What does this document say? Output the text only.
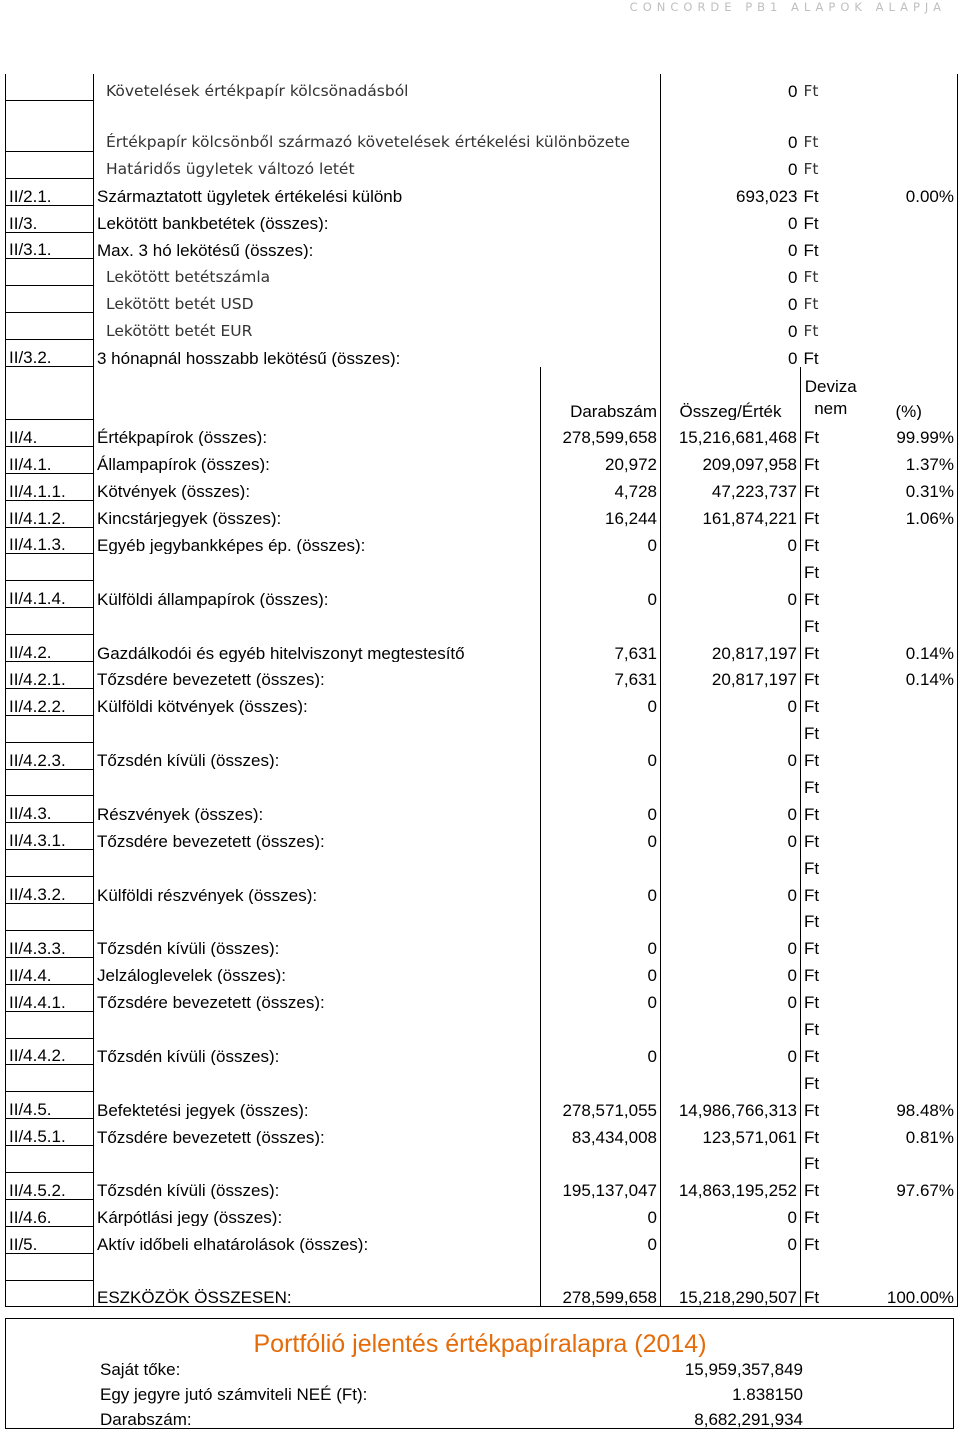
CONCORDE PB1 ALAPOK ALAPJA
	Követelések értékpapír kölcsönadásból		0	Ft	
	Értékpapír kölcsönből származó követelések értékelési különbözete		0	Ft	
	Határidős ügyletek változó letét		0	Ft	
II/2.1.	Származtatott ügyletek értékelési különb		693,023	Ft	0.00%
II/3.	Lekötött bankbetétek (összes):		0	Ft	
II/3.1.	Max. 3 hó lekötésű (összes):		0	Ft	
	Lekötött betétszámla		0	Ft	
	Lekötött betét USD		0	Ft	
	Lekötött betét EUR		0	Ft	
II/3.2.	3 hónapnál hosszabb lekötésű (összes):		0	Ft	
		Darabszám	Összeg/Érték	Deviza nem	(%)
II/4.	Értékpapírok (összes):	278,599,658	15,216,681,468	Ft	99.99%
II/4.1.	Állampapírok (összes):	20,972	209,097,958	Ft	1.37%
II/4.1.1.	Kötvények (összes):	4,728	47,223,737	Ft	0.31%
II/4.1.2.	Kincstárjegyek (összes):	16,244	161,874,221	Ft	1.06%
II/4.1.3.	Egyéb jegybankképes ép. (összes):	0	0	Ft	
				Ft	
II/4.1.4.	Külföldi állampapírok (összes):	0	0	Ft	
				Ft	
II/4.2.	Gazdálkodói és egyéb hitelviszonyt megtestesítő	7,631	20,817,197	Ft	0.14%
II/4.2.1.	Tőzsdére bevezetett (összes):	7,631	20,817,197	Ft	0.14%
II/4.2.2.	Külföldi kötvények (összes):	0	0	Ft	
				Ft	
II/4.2.3.	Tőzsdén kívüli (összes):	0	0	Ft	
				Ft	
II/4.3.	Részvények (összes):	0	0	Ft	
II/4.3.1.	Tőzsdére bevezetett (összes):	0	0	Ft	
				Ft	
II/4.3.2.	Külföldi részvények (összes):	0	0	Ft	
				Ft	
II/4.3.3.	Tőzsdén kívüli (összes):	0	0	Ft	
II/4.4.	Jelzáloglevelek (összes):	0	0	Ft	
II/4.4.1.	Tőzsdére bevezetett (összes):	0	0	Ft	
				Ft	
II/4.4.2.	Tőzsdén kívüli (összes):	0	0	Ft	
				Ft	
II/4.5.	Befektetési jegyek (összes):	278,571,055	14,986,766,313	Ft	98.48%
II/4.5.1.	Tőzsdére bevezetett (összes):	83,434,008	123,571,061	Ft	0.81%
				Ft	
II/4.5.2.	Tőzsdén kívüli (összes):	195,137,047	14,863,195,252	Ft	97.67%
II/4.6.	Kárpótlási jegy (összes):	0	0	Ft	
II/5.	Aktív időbeli elhatárolások (összes):	0	0	Ft	

	ESZKÖZÖK ÖSSZESEN:	278,599,658	15,218,290,507	Ft	100.00%
	Portfólió jelentés értékpapíralapra (2014)	
Saját tőke:		15,959,357,849
Egy jegyre jutó számviteli NEÉ (Ft):		1.838150
Darabszám:		8,682,291,934
